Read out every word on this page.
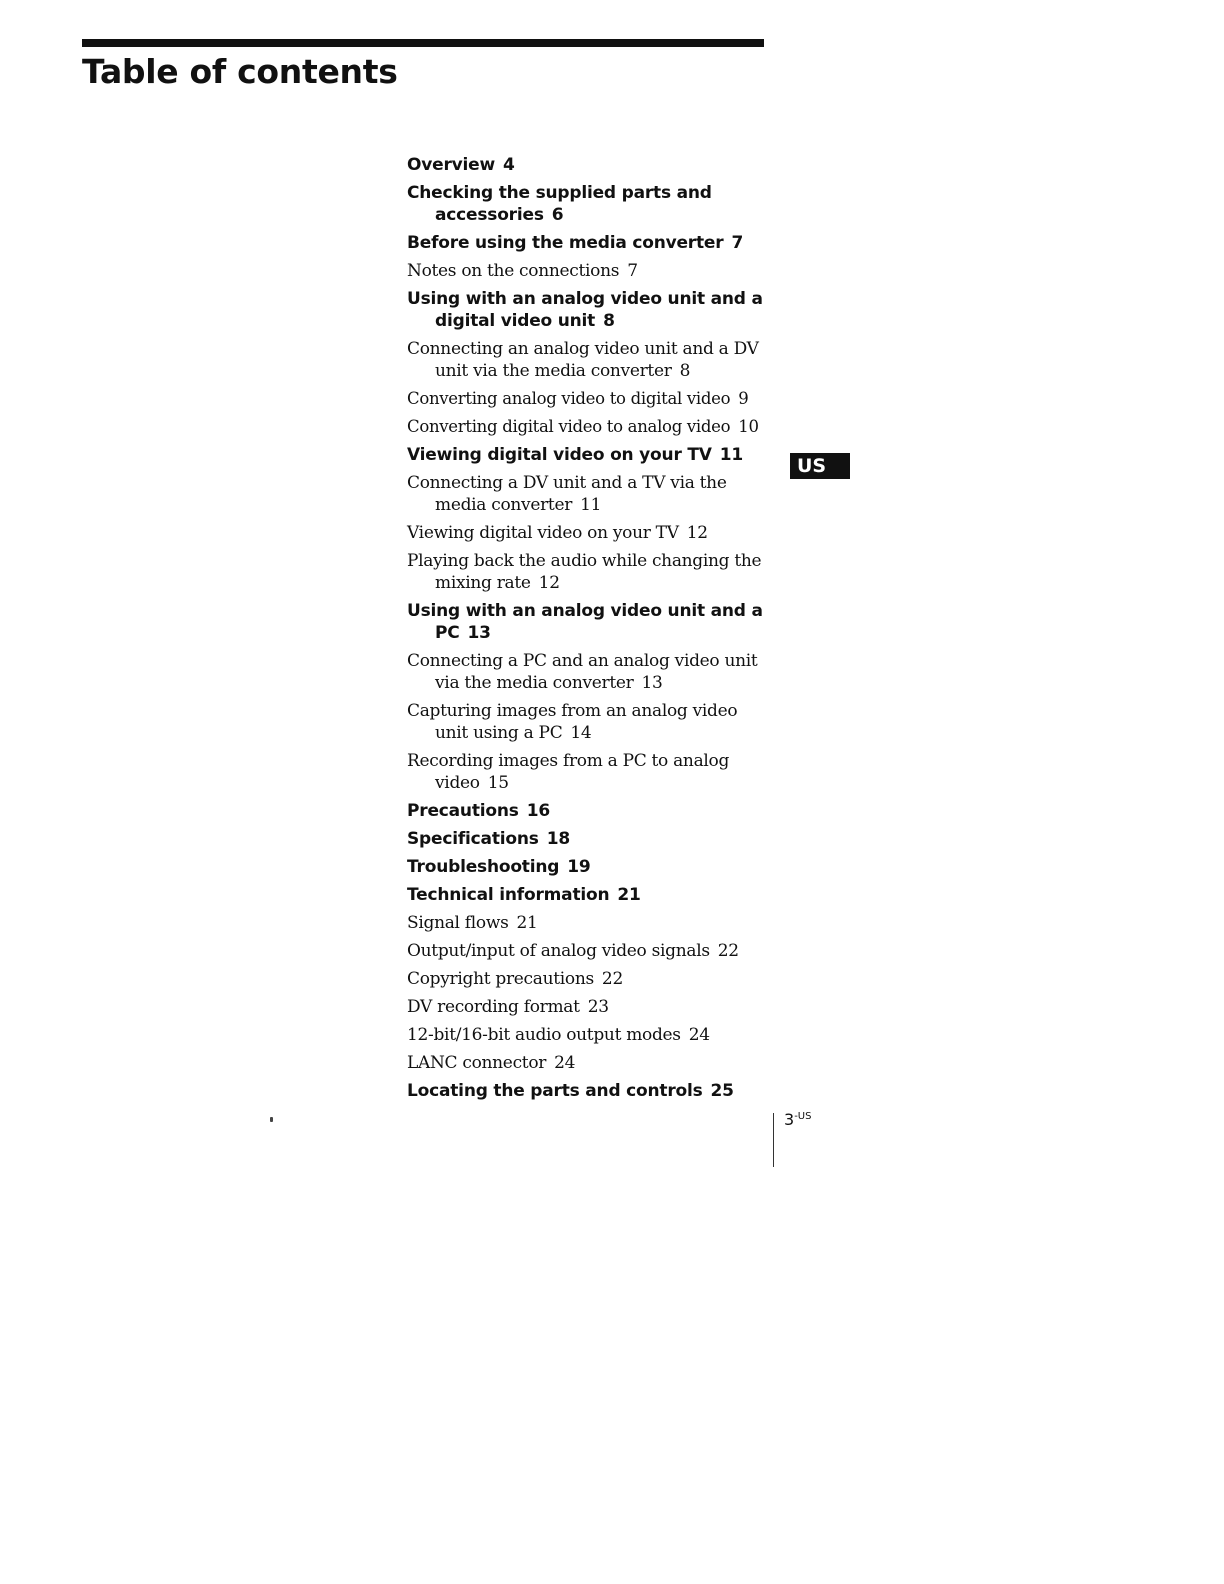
Table of contents
Overview 4
Checking the supplied parts and accessories 6
Before using the media converter 7
Notes on the connections 7
Using with an analog video unit and a digital video unit 8
Connecting an analog video unit and a DV unit via the media converter 8
Converting analog video to digital video 9
Converting digital video to analog video 10
Viewing digital video on your TV 11
Connecting a DV unit and a TV via the media converter 11
Viewing digital video on your TV 12
Playing back the audio while changing the mixing rate 12
Using with an analog video unit and a PC 13
Connecting a PC and an analog video unit via the media converter 13
Capturing images from an analog video unit using a PC 14
Recording images from a PC to analog video 15
Precautions 16
Specifications 18
Troubleshooting 19
Technical information 21
Signal flows 21
Output/input of analog video signals 22
Copyright precautions 22
DV recording format 23
12-bit/16-bit audio output modes 24
LANC connector 24
Locating the parts and controls 25
US
$3^{-US}$
